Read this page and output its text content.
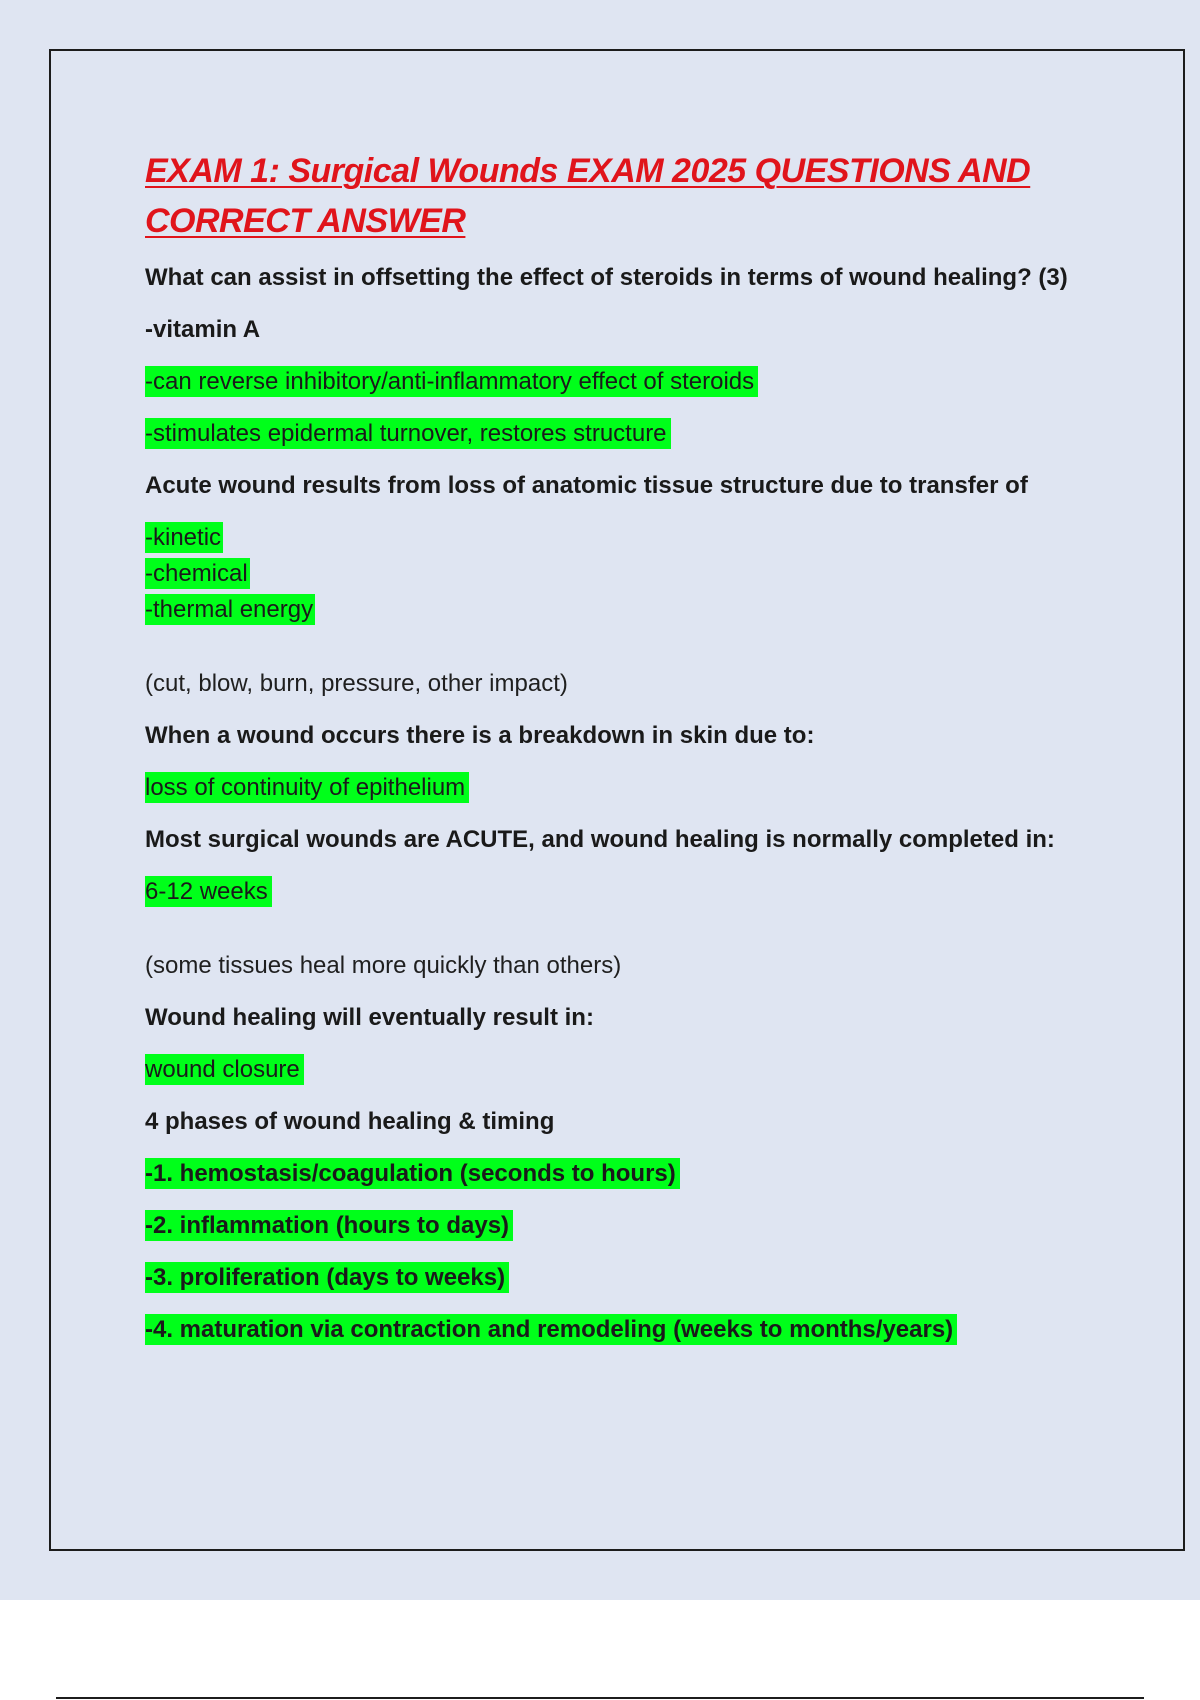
EXAM 1: Surgical Wounds EXAM 2025 QUESTIONS AND CORRECT ANSWER

What can assist in offsetting the effect of steroids in terms of wound healing? (3)

-vitamin A

-can reverse inhibitory/anti-inflammatory effect of steroids

-stimulates epidermal turnover, restores structure

Acute wound results from loss of anatomic tissue structure due to transfer of

-kinetic
-chemical
-thermal energy

(cut, blow, burn, pressure, other impact)

When a wound occurs there is a breakdown in skin due to:

loss of continuity of epithelium

Most surgical wounds are ACUTE, and wound healing is normally completed in:

6-12 weeks

(some tissues heal more quickly than others)

Wound healing will eventually result in:

wound closure

4 phases of wound healing & timing

-1. hemostasis/coagulation (seconds to hours)

-2. inflammation (hours to days)

-3. proliferation (days to weeks)

-4. maturation via contraction and remodeling (weeks to months/years)
